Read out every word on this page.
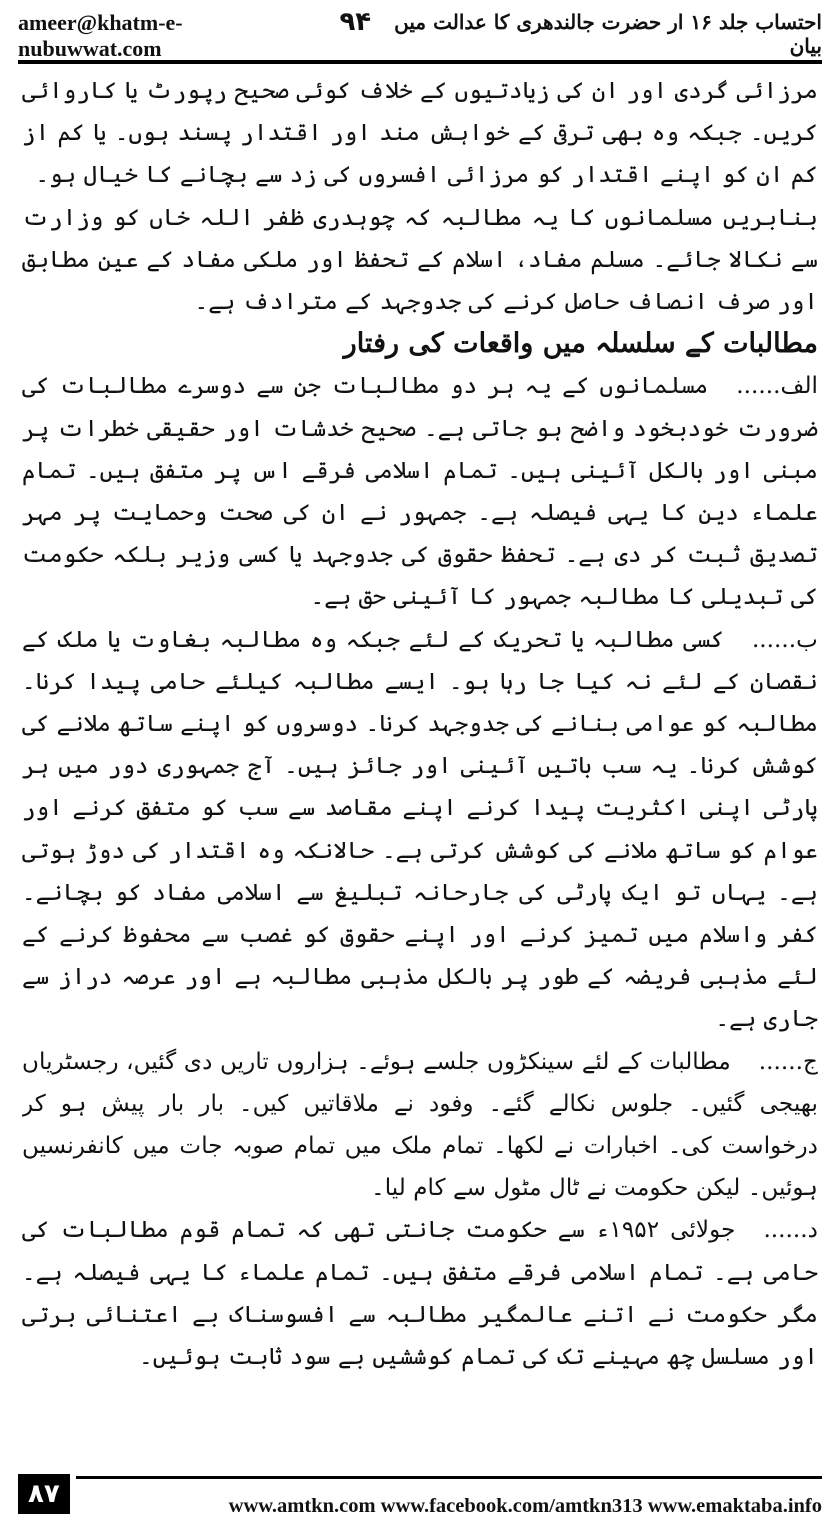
ameer@khatm-e-nubuwwat.com
۹۴	احتساب جلد ۱۶ ار حضرت جالندھری کا عدالت میں بیان

مرزائی گردی اور ان کی زیادتیوں کے خلاف کوئی صحیح رپورٹ یا کاروائی کریں۔ جبکہ وہ بھی ترقی کے خواہش مند اور اقتدار پسند ہوں۔ یا کم از کم ان کو اپنے اقتدار کو مرزائی افسروں کی زد سے بچانے کا خیال ہو۔

بنابریں مسلمانوں کا یہ مطالبہ کہ چوہدری ظفر اللہ خاں کو وزارت سے نکالا جائے۔ مسلم مفاد، اسلام کے تحفظ اور ملکی مفاد کے عین مطابق اور صرف انصاف حاصل کرنے کی جدوجہد کے مترادف ہے۔

مطالبات کے سلسلہ میں واقعات کی رفتار

الف......مسلمانوں کے یہ ہر دو مطالبات جن سے دوسرے مطالبات کی ضرورت خودبخود واضح ہو جاتی ہے۔ صحیح خدشات اور حقیقی خطرات پر مبنی اور بالکل آئینی ہیں۔ تمام اسلامی فرقے اس پر متفق ہیں۔ تمام علماء دین کا یہی فیصلہ ہے۔ جمہور نے ان کی صحت وحمایت پر مہر تصدیق ثبت کر دی ہے۔ تحفظ حقوق کی جدوجہد یا کسی وزیر بلکہ حکومت کی تبدیلی کا مطالبہ جمہور کا آئینی حق ہے۔

ب......کسی مطالبہ یا تحریک کے لئے جبکہ وہ مطالبہ بغاوت یا ملک کے نقصان کے لئے نہ کیا جا رہا ہو۔ ایسے مطالبہ کیلئے حامی پیدا کرنا۔ مطالبہ کو عوامی بنانے کی جدوجہد کرنا۔ دوسروں کو اپنے ساتھ ملانے کی کوشش کرنا۔ یہ سب باتیں آئینی اور جائز ہیں۔ آج جمہوری دور میں ہر پارٹی اپنی اکثریت پیدا کرنے اپنے مقاصد سے سب کو متفق کرنے اور عوام کو ساتھ ملانے کی کوشش کرتی ہے۔ حالانکہ وہ اقتدار کی دوڑ ہوتی ہے۔ یہاں تو ایک پارٹی کی جارحانہ تبلیغ سے اسلامی مفاد کو بچانے۔ کفر واسلام میں تمیز کرنے اور اپنے حقوق کو غصب سے محفوظ کرنے کے لئے مذہبی فریضہ کے طور پر بالکل مذہبی مطالبہ ہے اور عرصہ دراز سے جاری ہے۔

ج......مطالبات کے لئے سینکڑوں جلسے ہوئے۔ ہزاروں تاریں دی گئیں، رجسٹریاں بھیجی گئیں۔ جلوس نکالے گئے۔ وفود نے ملاقاتیں کیں۔ بار بار پیش ہو کر درخواست کی۔ اخبارات نے لکھا۔ تمام ملک میں تمام صوبہ جات میں کانفرنسیں ہوئیں۔ لیکن حکومت نے ٹال مٹول سے کام لیا۔

د......جولائی ۱۹۵۲ء سے حکومت جانتی تھی کہ تمام قوم مطالبات کی حامی ہے۔ تمام اسلامی فرقے متفق ہیں۔ تمام علماء کا یہی فیصلہ ہے۔ مگر حکومت نے اتنے عالمگیر مطالبہ سے افسوسناک بے اعتنائی برتی اور مسلسل چھ مہینے تک کی تمام کوششیں بے سود ثابت ہوئیں۔

۸۷	www.amtkn.com www.facebook.com/amtkn313 www.emaktaba.info
